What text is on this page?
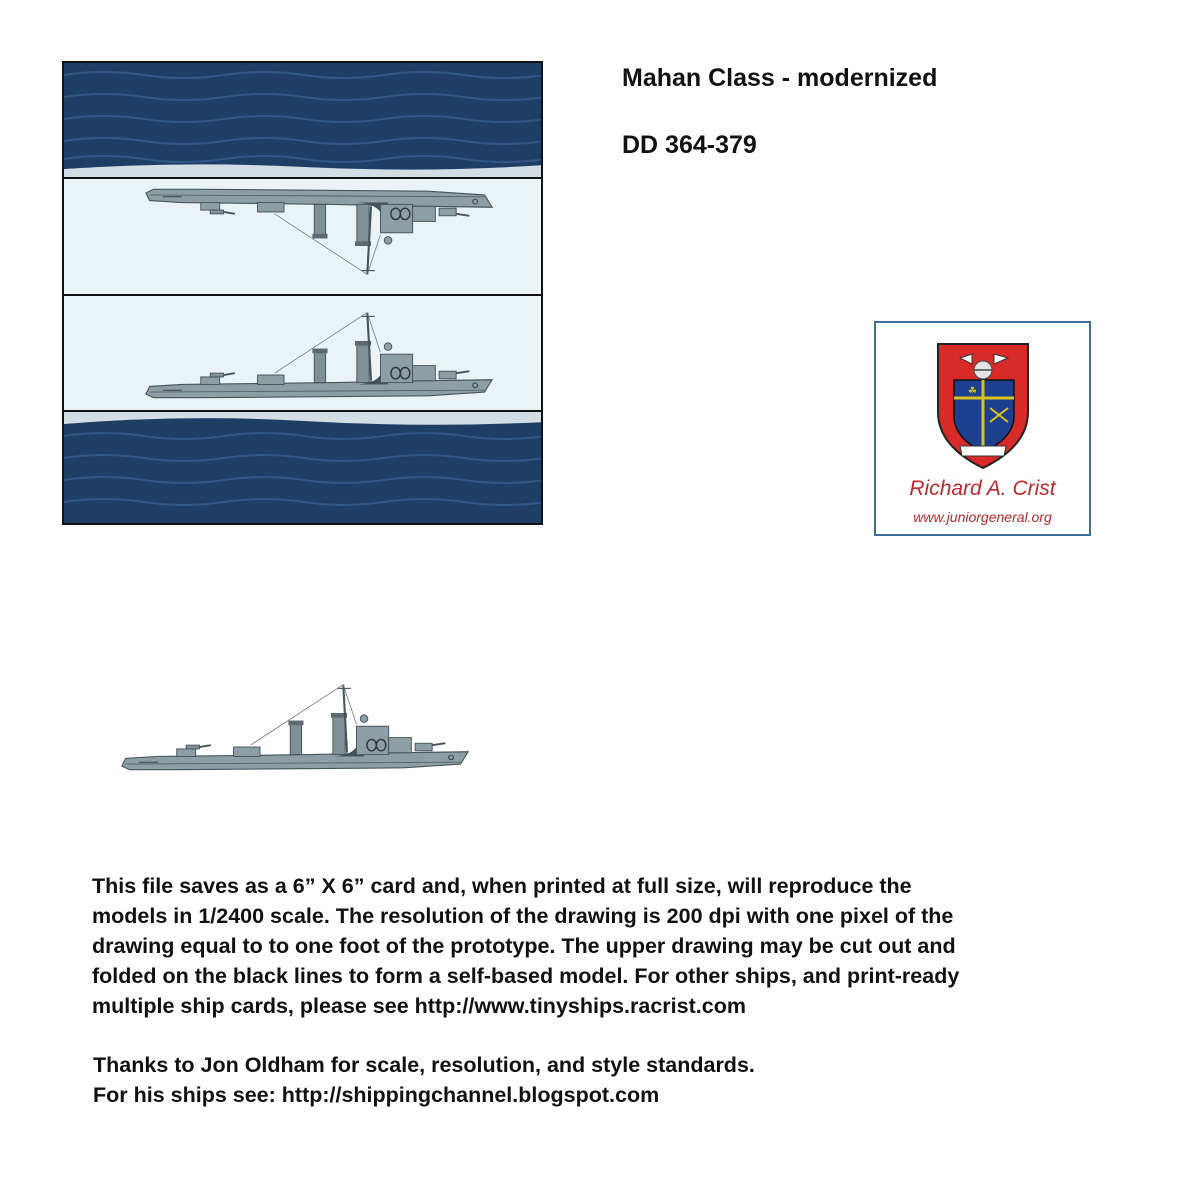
Mahan Class - modernized
DD 364-379
☘
Richard A. Crist
www.juniorgeneral.org
This file saves as a 6” X 6” card and, when printed at full size, will reproduce the
models in 1/2400 scale. The resolution of the drawing is 200 dpi with one pixel of the
drawing equal to to one foot of the prototype. The upper drawing may be cut out and
folded on the black lines to form a self-based model. For other ships, and print-ready
multiple ship cards, please see http://www.tinyships.racrist.com
Thanks to Jon Oldham for scale, resolution, and style standards.
For his ships see: http://shippingchannel.blogspot.com
